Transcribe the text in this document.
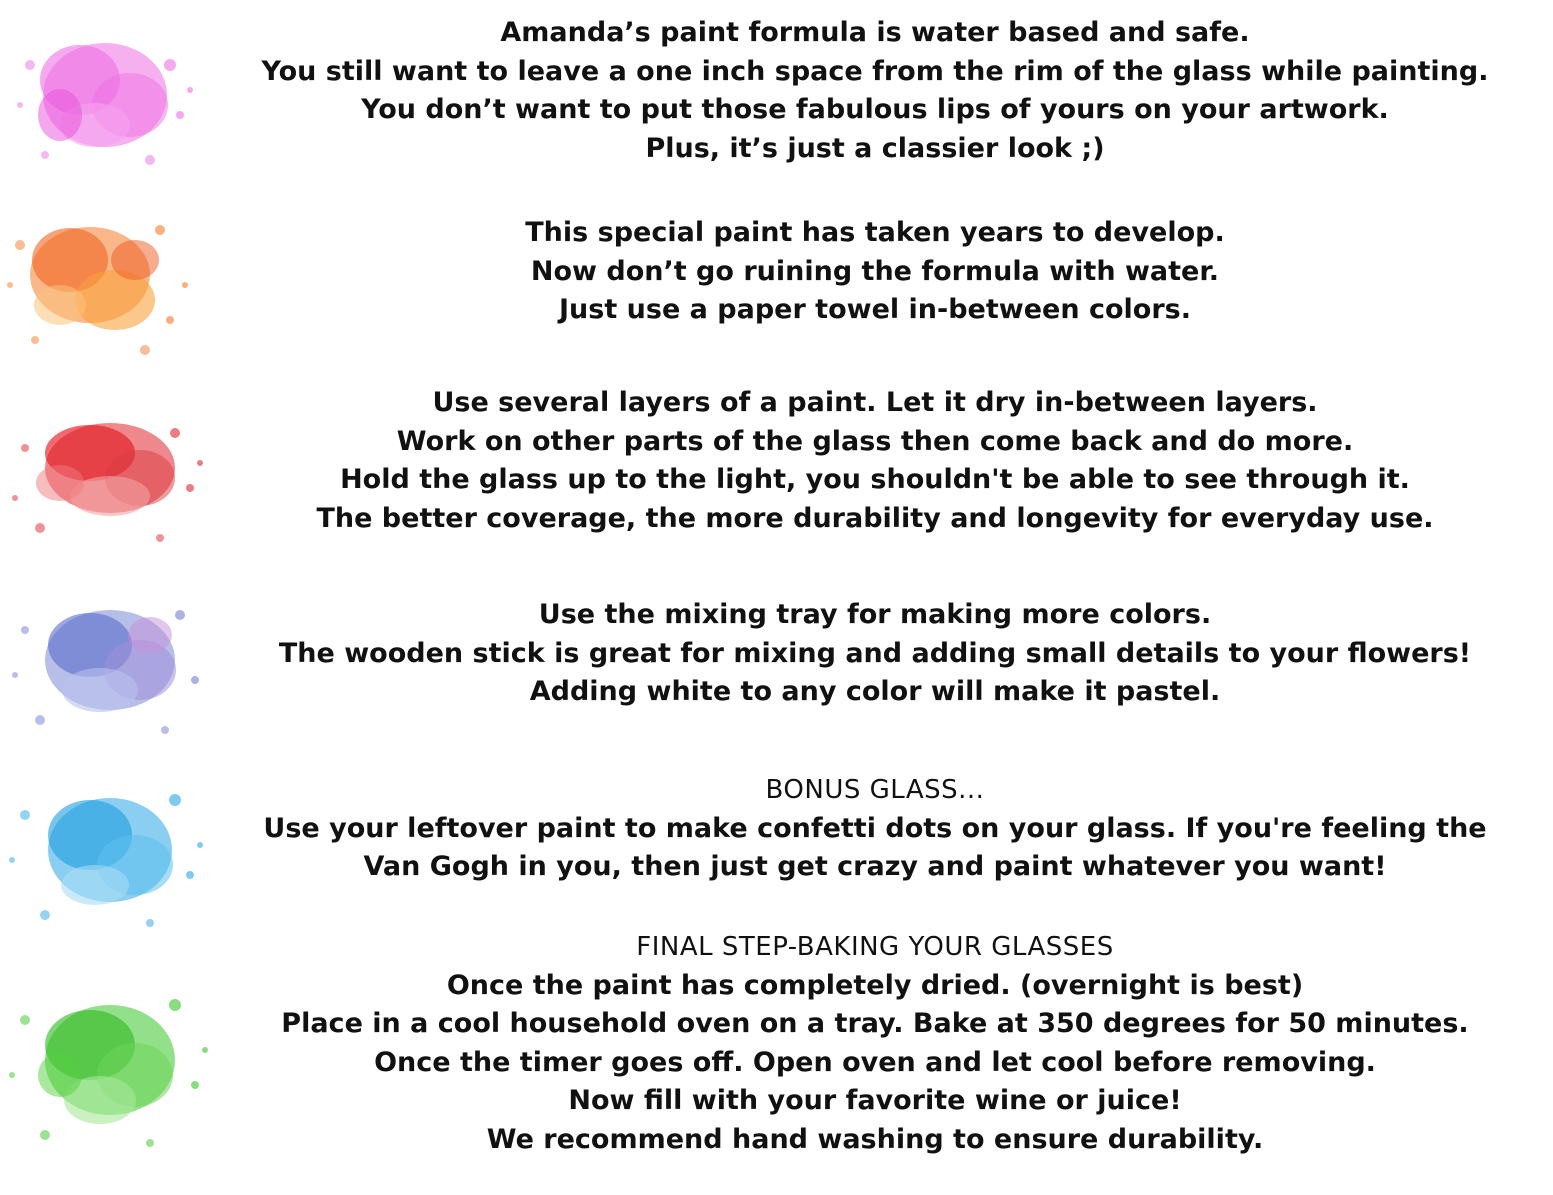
Amanda’s paint formula is water based and safe.
You still want to leave a one inch space from the rim of the glass while painting.
You don’t want to put those fabulous lips of yours on your artwork.
Plus, it’s just a classier look ;)
This special paint has taken years to develop.
Now don’t go ruining the formula with water.
Just use a paper towel in-between colors.
Use several layers of a paint. Let it dry in-between layers.
Work on other parts of the glass then come back and do more.
Hold the glass up to the light, you shouldn't be able to see through it.
The better coverage, the more durability and longevity for everyday use.
Use the mixing tray for making more colors.
The wooden stick is great for mixing and adding small details to your flowers!
Adding white to any color will make it pastel.
BONUS GLASS...
Use your leftover paint to make confetti dots on your glass. If you're feeling the
Van Gogh in you, then just get crazy and paint whatever you want!
FINAL STEP-BAKING YOUR GLASSES
Once the paint has completely dried. (overnight is best)
Place in a cool household oven on a tray. Bake at 350 degrees for 50 minutes.
Once the timer goes off. Open oven and let cool before removing.
Now fill with your favorite wine or juice!
We recommend hand washing to ensure durability.
